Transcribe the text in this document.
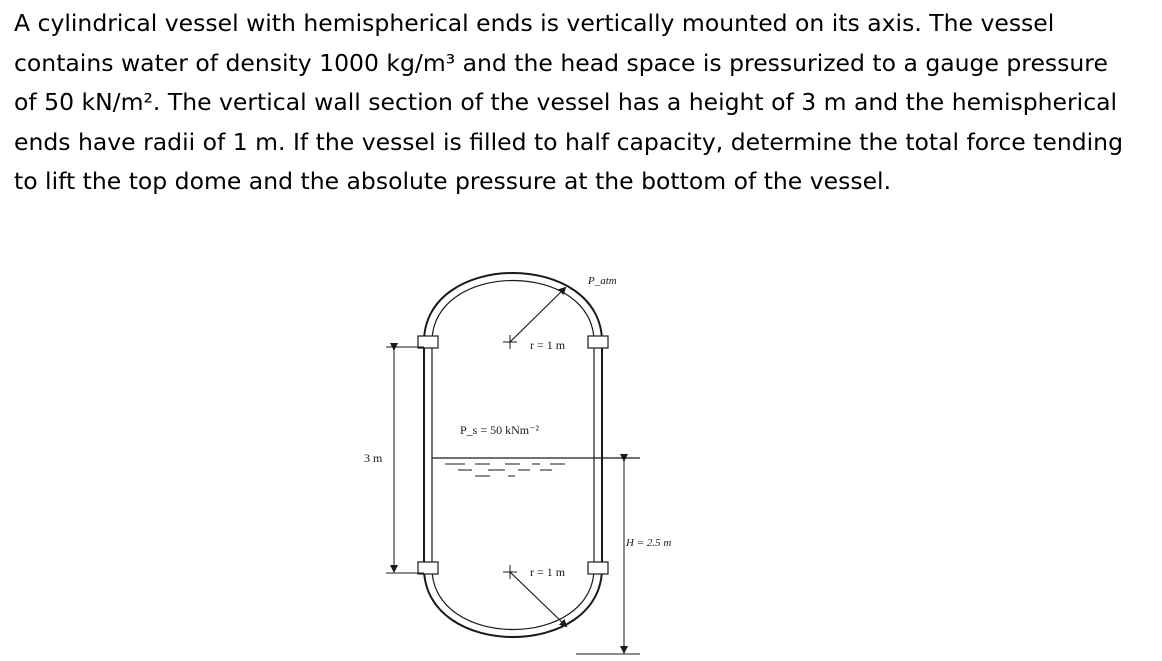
A cylindrical vessel with hemispherical ends is vertically mounted on its axis. The vessel contains water of density 1000 kg/m³ and the head space is pressurized to a gauge pressure of 50 kN/m². The vertical wall section of the vessel has a height of 3 m and the hemispherical ends have radii of 1 m. If the vessel is filled to half capacity, determine the total force tending to lift the top dome and the absolute pressure at the bottom of the vessel.

P_atm
r = 1 m
P_s = 50 kNm⁻²
3 m
H = 2.5 m
r = 1 m
